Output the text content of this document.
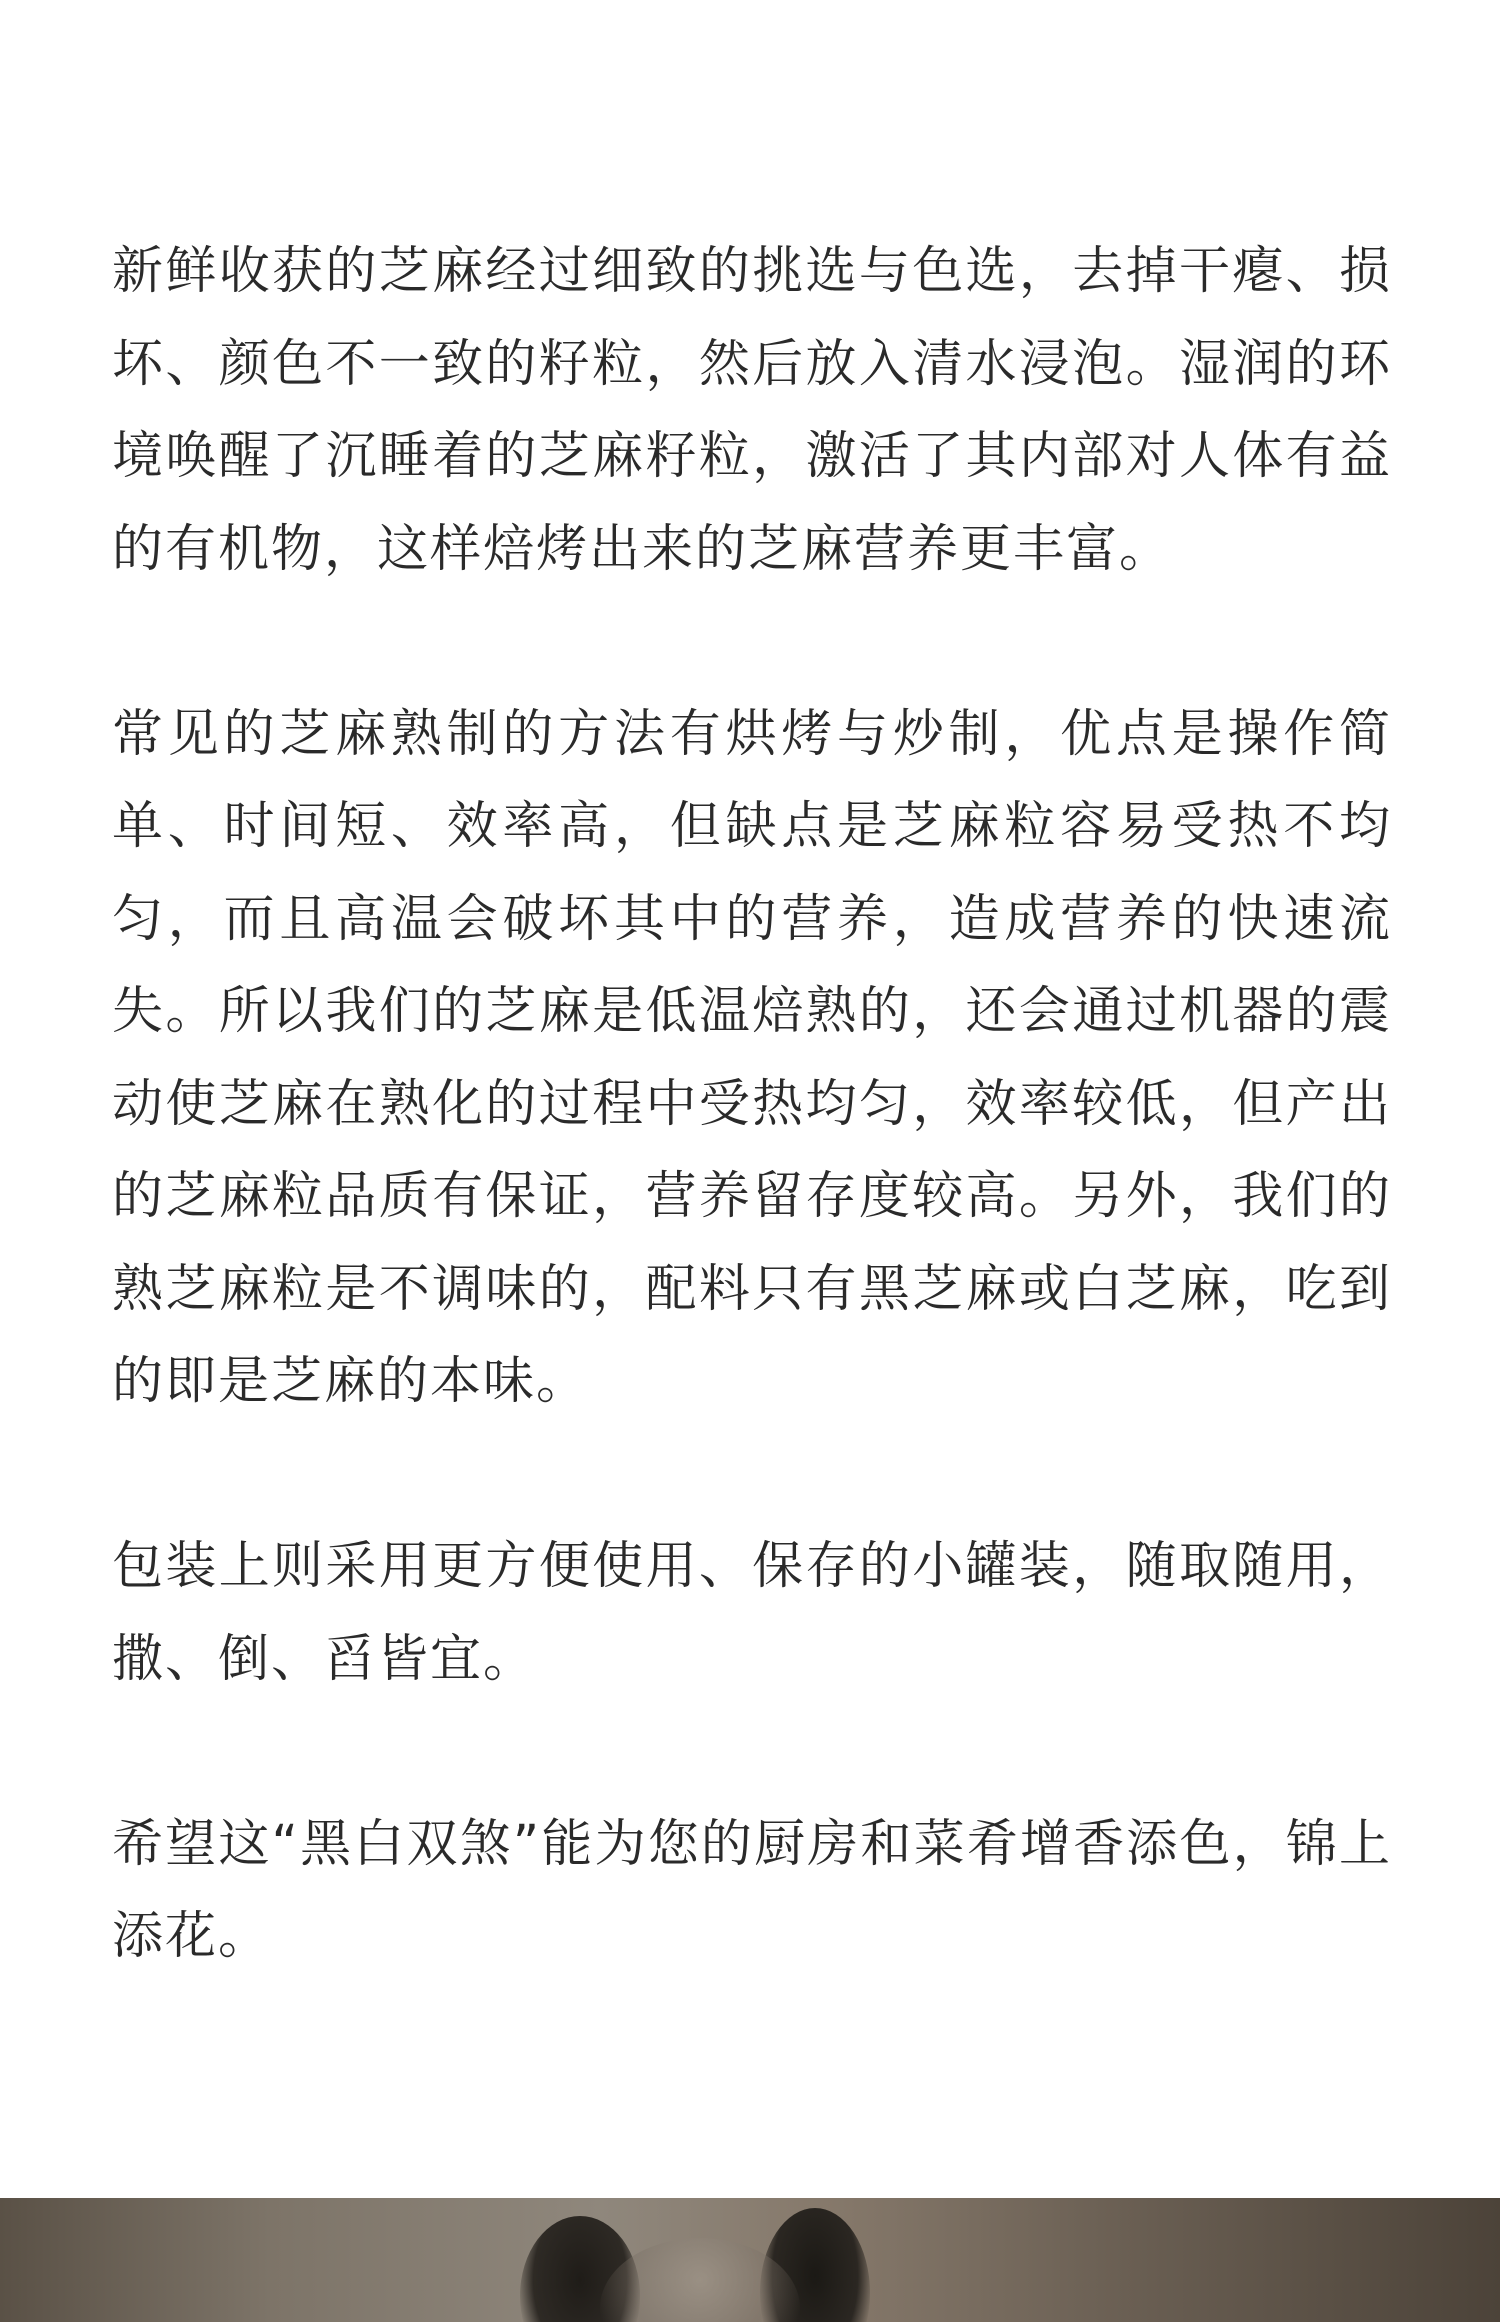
新鲜收获的芝麻经过细致的挑选与色选，去掉干瘪、损坏、颜色不一致的籽粒，然后放入清水浸泡。湿润的环境唤醒了沉睡着的芝麻籽粒，激活了其内部对人体有益的有机物，这样焙烤出来的芝麻营养更丰富。

常见的芝麻熟制的方法有烘烤与炒制，优点是操作简单、时间短、效率高，但缺点是芝麻粒容易受热不均匀，而且高温会破坏其中的营养，造成营养的快速流失。所以我们的芝麻是低温焙熟的，还会通过机器的震动使芝麻在熟化的过程中受热均匀，效率较低，但产出的芝麻粒品质有保证，营养留存度较高。另外，我们的熟芝麻粒是不调味的，配料只有黑芝麻或白芝麻，吃到的即是芝麻的本味。

包装上则采用更方便使用、保存的小罐装，随取随用，撒、倒、舀皆宜。

希望这“黑白双煞”能为您的厨房和菜肴增香添色，锦上添花。
